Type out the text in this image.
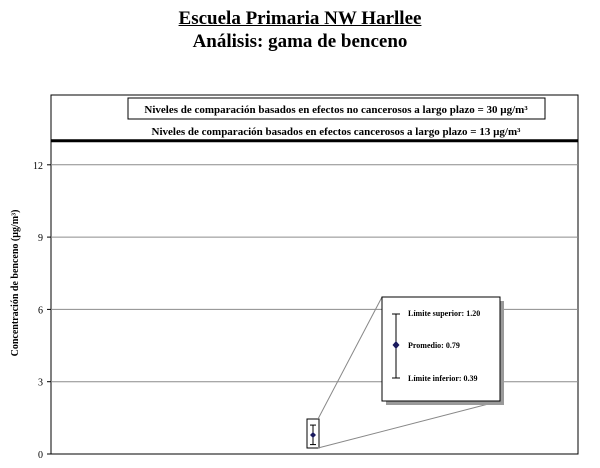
Escuela Primaria NW Harllee
Análisis: gama de benceno
0
3
6
9
12
Concentración de benceno (µg/m³)
Niveles de comparación basados en efectos no cancerosos a largo plazo = 30 µg/m³
Niveles de comparación basados en efectos cancerosos a largo plazo = 13 µg/m³
Límite superior: 1.20
Promedio: 0.79
Límite inferior: 0.39
